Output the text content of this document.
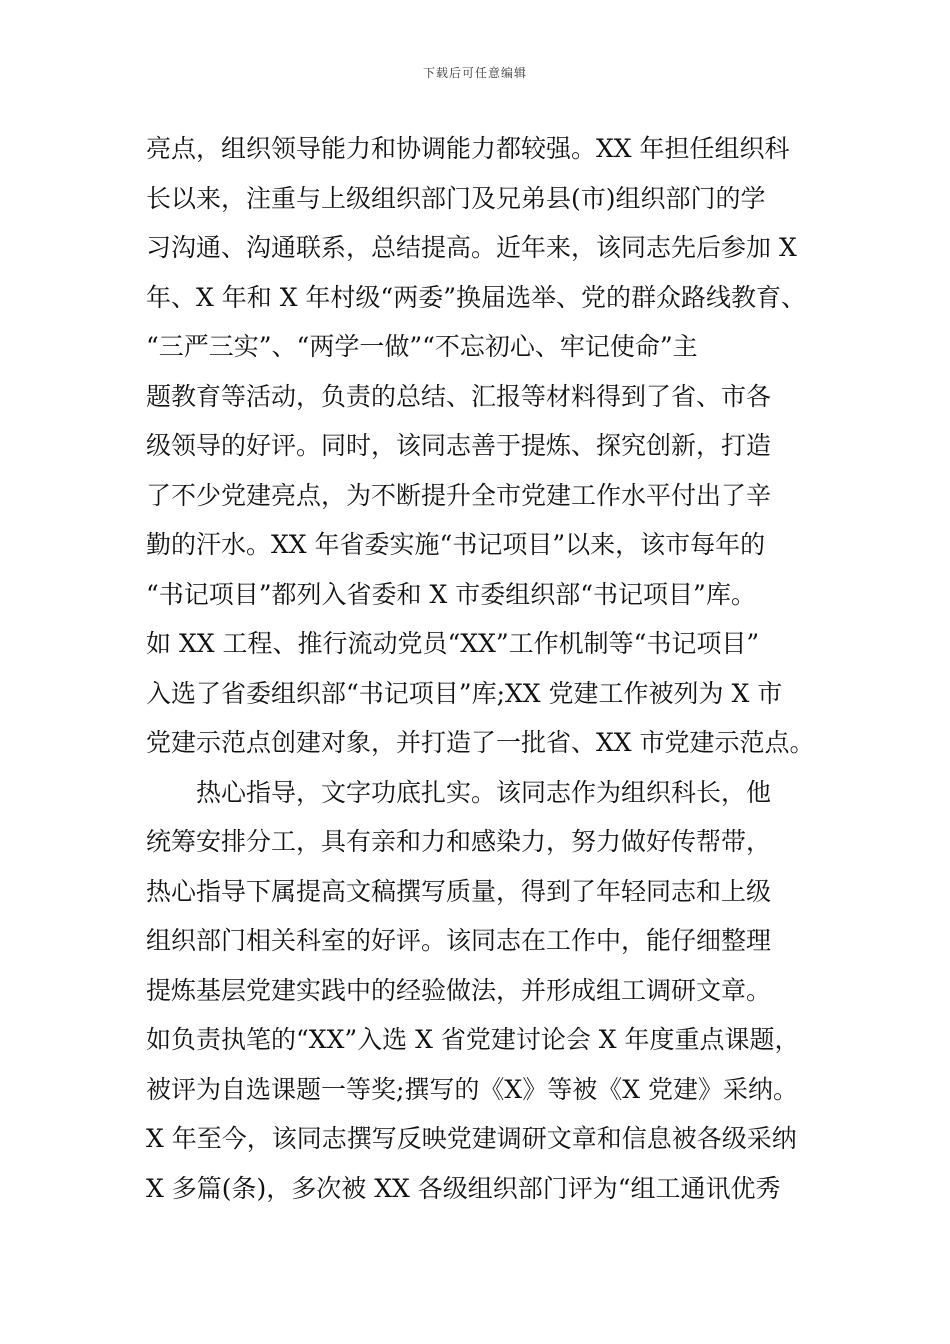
下载后可任意编辑
亮点，组织领导能力和协调能力都较强。XX 年担任组织科
长以来，注重与上级组织部门及兄弟县(市)组织部门的学
习沟通、沟通联系，总结提高。近年来，该同志先后参加 X
年、X 年和 X 年村级“两委”换届选举、党的群众路线教育、
“三严三实”、“两学一做”“不忘初心、牢记使命”主
题教育等活动，负责的总结、汇报等材料得到了省、市各
级领导的好评。同时，该同志善于提炼、探究创新，打造
了不少党建亮点，为不断提升全市党建工作水平付出了辛
勤的汗水。XX 年省委实施“书记项目”以来，该市每年的
“书记项目”都列入省委和 X 市委组织部“书记项目”库。
如 XX 工程、推行流动党员“XX”工作机制等“书记项目”
入选了省委组织部“书记项目”库;XX 党建工作被列为 X 市
党建示范点创建对象，并打造了一批省、XX 市党建示范点。
热心指导，文字功底扎实。该同志作为组织科长，他
统筹安排分工，具有亲和力和感染力，努力做好传帮带，
热心指导下属提高文稿撰写质量，得到了年轻同志和上级
组织部门相关科室的好评。该同志在工作中，能仔细整理
提炼基层党建实践中的经验做法，并形成组工调研文章。
如负责执笔的“XX”入选 X 省党建讨论会 X 年度重点课题，
被评为自选课题一等奖;撰写的《X》等被《X 党建》采纳。
X 年至今，该同志撰写反映党建调研文章和信息被各级采纳
X 多篇(条)，多次被 XX 各级组织部门评为“组工通讯优秀
